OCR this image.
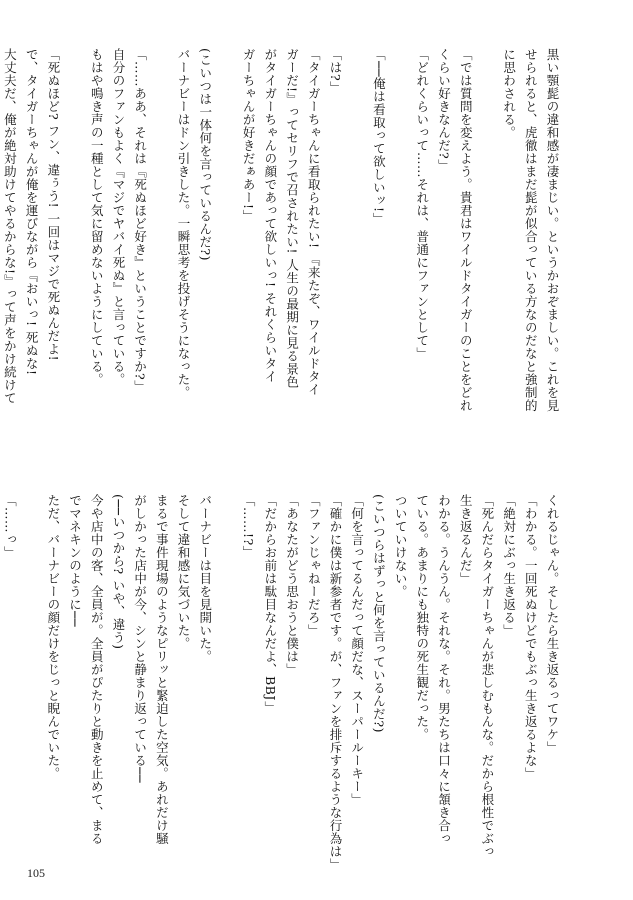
黒い顎髭の違和感が凄まじい。というかおぞましい。これを見
せられると、虎徹はまだ髭が似合っている方なのだなと強制的
に思わされる。

「では質問を変えよう。貴君はワイルドタイガーのことをどれ
くらい好きなんだ?」
「どれくらいって……それは、普通にファンとして」

「──俺は看取って欲しいッ!」

「は?」
「タイガーちゃんに看取られたい! 『来たぞ、ワイルドタイ
ガーだ!』ってセリフで召されたい! 人生の最期に見る景色
がタイガーちゃんの顔であって欲しいっ! それくらいタイ
ガーちゃんが好きだぁあー!」

(こいつは一体何を言っているんだ?)
バーナビーはドン引きした。一瞬思考を投げそうになった。

「……ああ、それは『死ぬほど好き』ということですか?」
自分のファンもよく『マジでヤバイ死ぬ』と言っている。
もはや鳴き声の一種として気に留めないようにしている。

「死ぬほど? フン、違ぅう! 一回はマジで死ぬんだよ!
で、タイガーちゃんが俺を運びながら『おいっ! 死ぬな!
大丈夫だ、俺が絶対助けてやるからな!』って声をかけ続けて
くれるじゃん。そしたら生き返るってワケ」
「わかる。一回死ぬけどでもぶっ生き返るよな」
「絶対にぶっ生き返る」
「死んだらタイガーちゃんが悲しむもんな。だから根性でぶっ
生き返るんだ」
わかる。うんうん。それな。それ。男たちは口々に頷き合っ
ている。あまりにも独特の死生観だった。
ついていけない。
(こいつらはずっと何を言っているんだ?)
「何を言ってるんだって顔だな、スーパールーキー」
「確かに僕は新参者です。が、ファンを排斥するような行為は」
「ファンじゃねーだろ」
「あなたがどう思おうと僕は」
「だからお前は駄目なんだよ、BBJ」
「……!?」

バーナビーは目を見開いた。
そして違和感に気づいた。
まるで事件現場のようなピリッと緊迫した空気。あれだけ騒
がしかった店中が今、シンと静まり返っている──
(──いつから? いや、違う)
今や店中の客、全員が。全員がぴたりと動きを止めて、まる
でマネキンのように──
ただ、バーナビーの顔だけをじっと睨んでいた。

「……っ」

105
